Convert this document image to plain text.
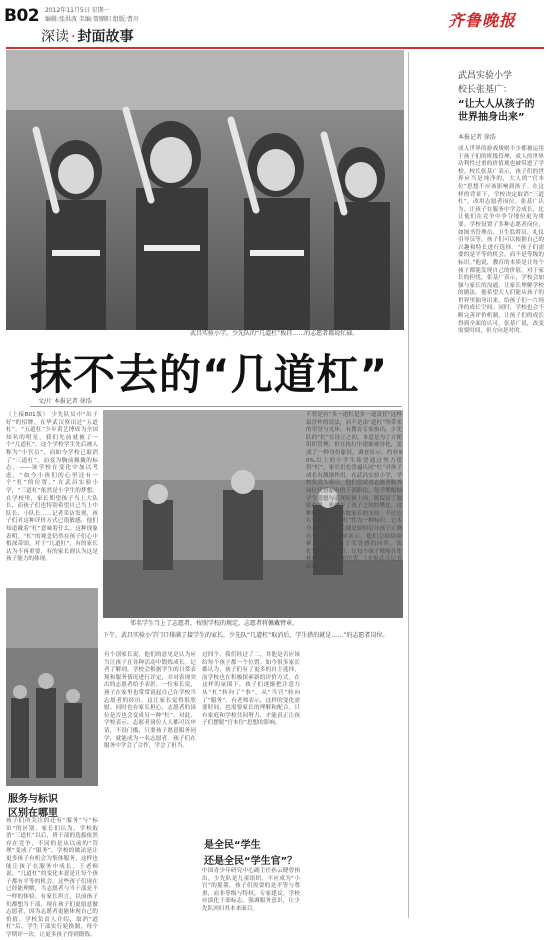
B02 2012年11月5日 星期一
编辑:张洪波 美编:曾顺阳 组版:曹川
深读 · 封面故事
齐鲁晚报
武昌实验小学，少先队的“几道杠”板挂……的志愿者都说忙碌。
抹不去的“几道杠”
文/片 本报记者 徐浩
（上接B01版） 少先队员中“出于好”的招牌，在华武汉察出过“五道杠”。“五道杠”少年黄艺博成为全国知名的明星。我们先前就被了一个“几道杠”，这个学校学生先后被人称为“小官员”，而如今学校已取消了“三道杠”，而变为胸前佩戴的标志。——该学校在变化中加以考虑，“如今小孩们的心里还有一个“杠”的位置。” 在武昌实验小学，“三道杠”依然是小学生的梦想。在学校里，家长期望孩子当上大队长，而孩子们也特别希望自己当上中队长、小队长……记者采访发现，孩子们对这种评价方式已很敏感，他们知道戴着“杠”意味着什么。这种现象表明，“杠”的观念仍然在孩子们心中根深蒂固。对于“几道杠”，有的家长认为不再重要，有的家长则认为这是孩子能力的体现。
邻名学生当上了志愿者，按照学校的规定，志愿者将佩戴臂章。
下午，武昌实验小学门口排满了接学生的家长，少先队“几道杠”取消后，学生搭的就是……”的志愿者岗位。
服务与标识
区别在哪里
孩子们所关注的还有“服务”与“标识”的区别。家长们认为，学校取消“三道杠”以后，班干部的选拔依然存在竞争，不同的是从以前的“管理”变成了“服务”。学校的做法是让更多孩子有机会为集体服务，这样也能让孩子在服务中成长。王老师说，“几道杠”的变化本意是让每个孩子都有平等的机会，这些孩子们现在已经能理解，当志愿者与当干部是不一样的体验。有家长坦言，以前孩子们都想当干部，现在孩子们更愿意做志愿者，因为志愿者更能体现自己的价值。学校负责人介绍，取消“道杠”后，学生干部实行轮换制，每个学期评一次，让更多孩子得到锻炼。
有个别家长说，他们的意见是认为应当让孩子在各种活动中锻炼成长。记者了解到，学校会根据学生的日常表现和服务情况进行评定，并对表现突出的志愿者给予表彰。一位家长说，孩子在家里也常常说起自己在学校当志愿者的经历，这让家长觉得很欣慰。同时也有家长担心，志愿者的岗位是否也会变成另一种“杠”。对此，学校表示，志愿者岗位人人都可以申请，不设门槛，只要孩子愿意服务同学，就能成为一名志愿者。孩子们在服务中学会了合作，学会了担当。
过四个，我们经过了二，其他是否应该给每个孩子都一个位置。如今很多家长都认为，孩子们有了更多的自主选择，而学校也在积极探索新的评价方式。在这样的氛围下，孩子们逐渐把注意力从“杠”转向了“事”，从“当官”转向了“服务”。有老师表示，这样的变化需要时间，也需要家长的理解和配合，只有家庭和学校共同努力，才能真正让孩子们摆脱“官本位”思想的影响。
是全民“学生
还是全民“学生官”？
中国青少年研究中心副主任孙云晓曾指出，少先队是儿童组织，不应成为“小官”的摇篮。孩子们需要的是平等与尊重，而非等级与特权。专家建议，学校应淡化干部标志，强调服务意识，让少先队回归其本来面目。
不曾是有“多一道杠是多一道责任”这样最淳朴的说法，而不是由“道杠”所带来的荣誉与光环。有教育专家指出，少先队的“杠”在设立之初，本意是为了方便组织管理，但在执行中逐渐被异化，变成了一种身份象征。调查显示，约有90%以上的小学生希望通过努力获得“杠”。家长们也普遍认同“杠”对孩子成长有激励作用。在武昌实验小学，学校负责人表示，他们尝试用志愿者服务岗位代替原有的干部职位，每学期根据学生意愿与表现轮换上岗，既保留了激励作用，也减少了孩子之间的攀比。这种做法得到了多数家长的支持。不过也有家长表示，“杠”作为一种标识，它本身并没有错，关键是如何引导孩子正确看待。学校老师表示，他们会继续探索，在保留孩子荣誉感的同时，淡化“官本位”色彩，让每个孩子都能在集体中找到自己的位置。（本报武汉记者站电）
武昌实验小学
校长张基广：
“让大人从孩子的世界抽身出来”
本报记者 徐浩
成人世界的游戏规则不少都被运用于孩子们的班级管理，成人的世界功利性过重的价值观也被带进了学校。校长张基广表示，孩子们的世界应当是纯净的，大人的“官本位”思想不应该影响到孩子。在这样的背景下，学校决定取消“三道杠”，改用志愿者岗位。张基广认为，让孩子在服务中学会成长，比让他们在竞争中争夺地位更为重要。学校设置了多种志愿者岗位，如图书管理员、卫生监督员、礼仪引导员等，孩子们可以根据自己的兴趣和特长进行选择。“孩子们需要的是平等的机会，而不是等级的标识。”他说，教育的本质是让每个孩子都能发现自己的价值。对于家长的担忧，张基广表示，学校会加强与家长的沟通，让家长理解学校的做法。他希望大人们能从孩子的世界里抽身出来，给孩子们一片纯净的成长空间。同时，学校也会不断完善评价机制，让孩子们的成长得到全面的认可。张基广说，改变需要时间，但方向是对的。
